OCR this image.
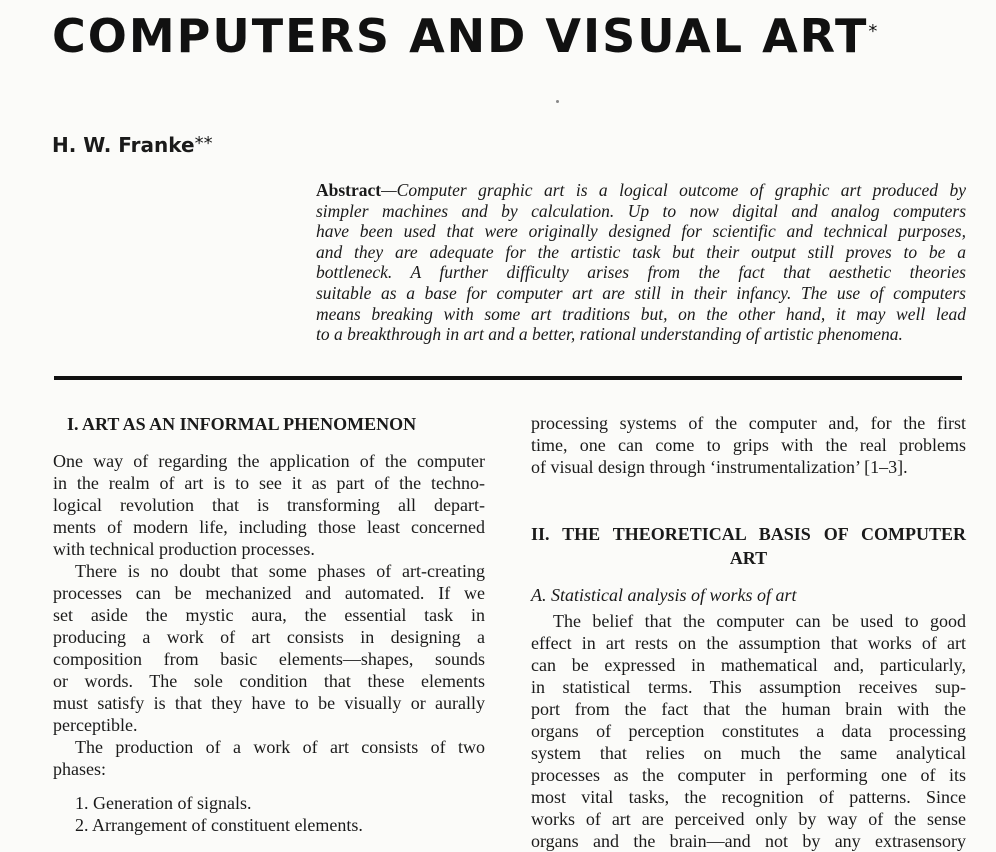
COMPUTERS AND VISUAL ART*
H. W. Franke**
Abstract—Computer graphic art is a logical outcome of graphic art produced by
simpler machines and by calculation. Up to now digital and analog computers
have been used that were originally designed for scientific and technical purposes,
and they are adequate for the artistic task but their output still proves to be a
bottleneck. A further difficulty arises from the fact that aesthetic theories
suitable as a base for computer art are still in their infancy. The use of computers
means breaking with some art traditions but, on the other hand, it may well lead
to a breakthrough in art and a better, rational understanding of artistic phenomena.
I. ART AS AN INFORMAL PHENOMENON
One way of regarding the application of the computer
in the realm of art is to see it as part of the techno-
logical revolution that is transforming all depart-
ments of modern life, including those least concerned
with technical production processes.
There is no doubt that some phases of art-creating
processes can be mechanized and automated. If we
set aside the mystic aura, the essential task in
producing a work of art consists in designing a
composition from basic elements—shapes, sounds
or words. The sole condition that these elements
must satisfy is that they have to be visually or aurally
perceptible.
The production of a work of art consists of two
phases:
1. Generation of signals.
2. Arrangement of constituent elements.
processing systems of the computer and, for the first
time, one can come to grips with the real problems
of visual design through ‘instrumentalization’ [1–3].
II. THE THEORETICAL BASIS OF COMPUTER
ART
A. Statistical analysis of works of art
The belief that the computer can be used to good
effect in art rests on the assumption that works of art
can be expressed in mathematical and, particularly,
in statistical terms. This assumption receives sup-
port from the fact that the human brain with the
organs of perception constitutes a data processing
system that relies on much the same analytical
processes as the computer in performing one of its
most vital tasks, the recognition of patterns. Since
works of art are perceived only by way of the sense
organs and the brain—and not by any extrasensory
